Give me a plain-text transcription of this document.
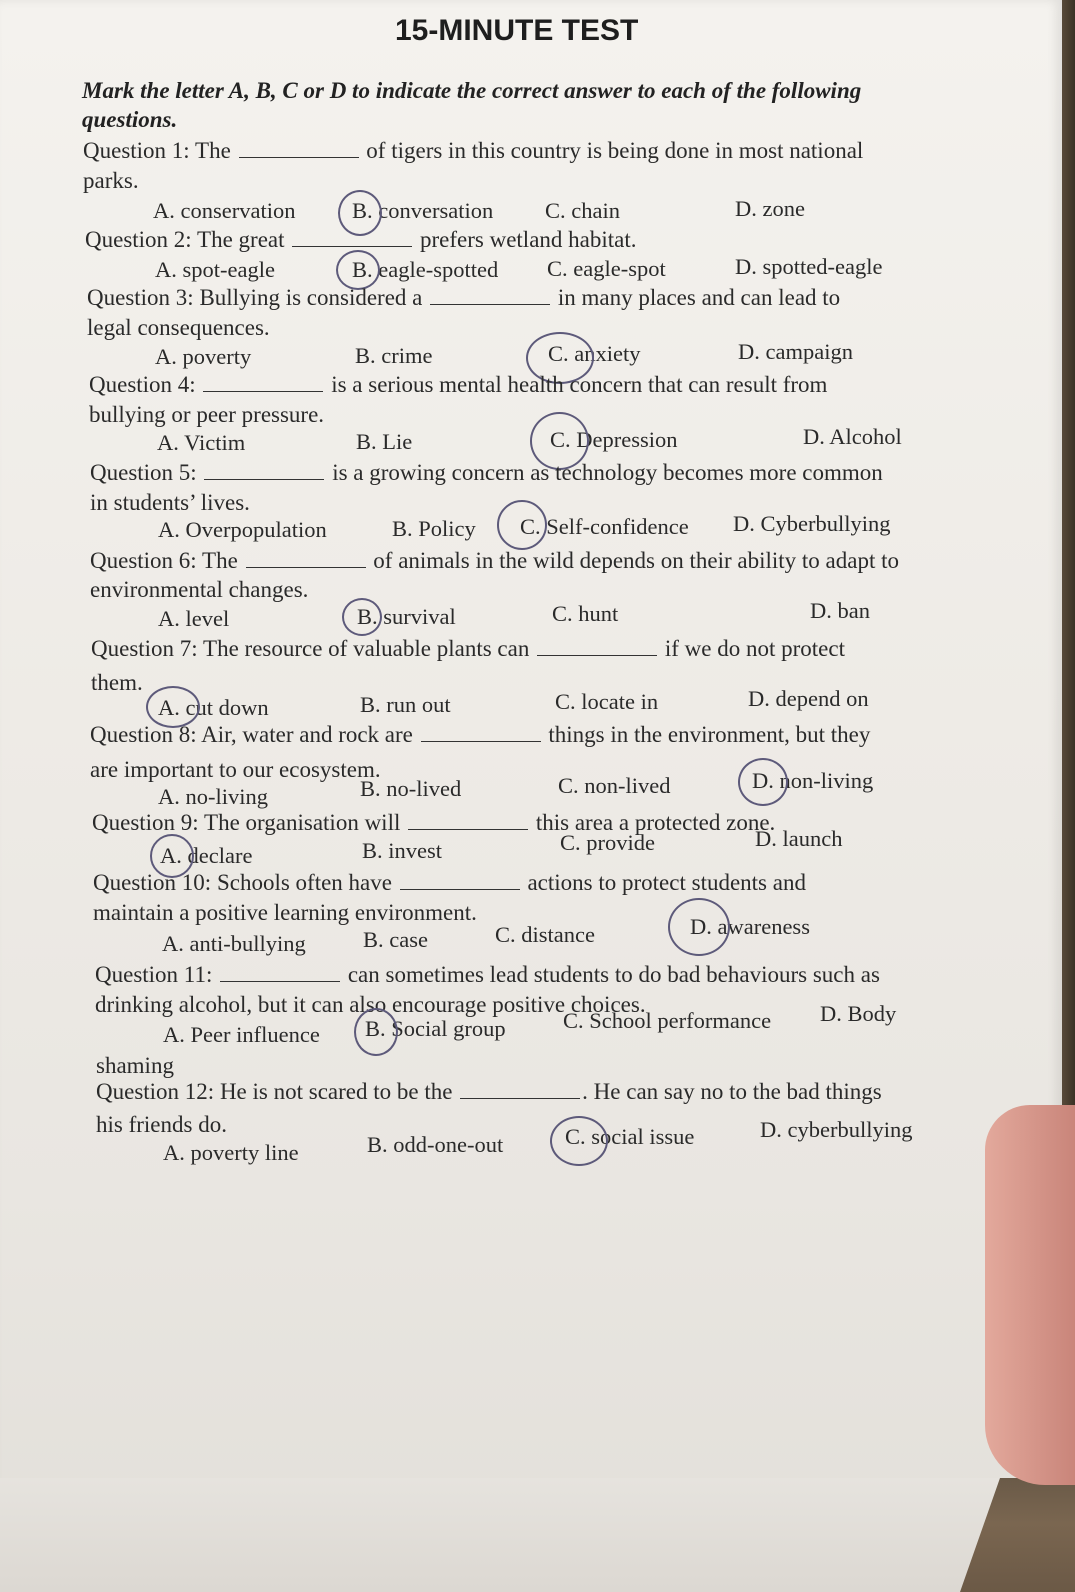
15-MINUTE TEST
Mark the letter A, B, C or D to indicate the correct answer to each of the following
questions.
Question 1: The	of tigers in this country is being done in most national
parks.
A. conservation	B. conversation C. chain	D. zone
Question 2: The great	prefers wetland habitat.
A. spot-eagle	B. eagle-spotted C. eagle-spot	D. spotted-eagle
Question 3: Bullying is considered a	in many places and can lead to
legal consequences.
A. poverty	B. crime	C. anxiety	D. campaign
Question 4:	is a serious mental health concern that can result from
bullying or peer pressure.
A. Victim	B. Lie	C. Depression	D. Alcohol
Question 5:	is a growing concern as technology becomes more common
in students’ lives.
A. Overpopulation	B. Policy C. Self-confidence D. Cyberbullying
Question 6: The	of animals in the wild depends on their ability to adapt to
environmental changes.
A. level	B. survival	C. hunt	D. ban
Question 7: The resource of valuable plants can	if we do not protect
them.
A. cut down	B. run out	C. locate in	D. depend on
Question 8: Air, water and rock are	things in the environment, but they
are important to our ecosystem.
A. no-living	B. no-lived	C. non-lived	D. non-living
Question 9: The organisation will	this area a protected zone.
A. declare	B. invest	C. provide	D. launch
Question 10: Schools often have	actions to protect students and
maintain a positive learning environment.
A. anti-bullying	B. case	C. distance	D. awareness
Question 11:	can sometimes lead students to do bad behaviours such as
drinking alcohol, but it can also encourage positive choices.
A. Peer influence B. Social group	C. School performance D. Body
shaming
Question 12: He is not scared to be the	. He can say no to the bad things
his friends do.
A. poverty line	B. odd-one-out	C. social issue	D. cyberbullying
